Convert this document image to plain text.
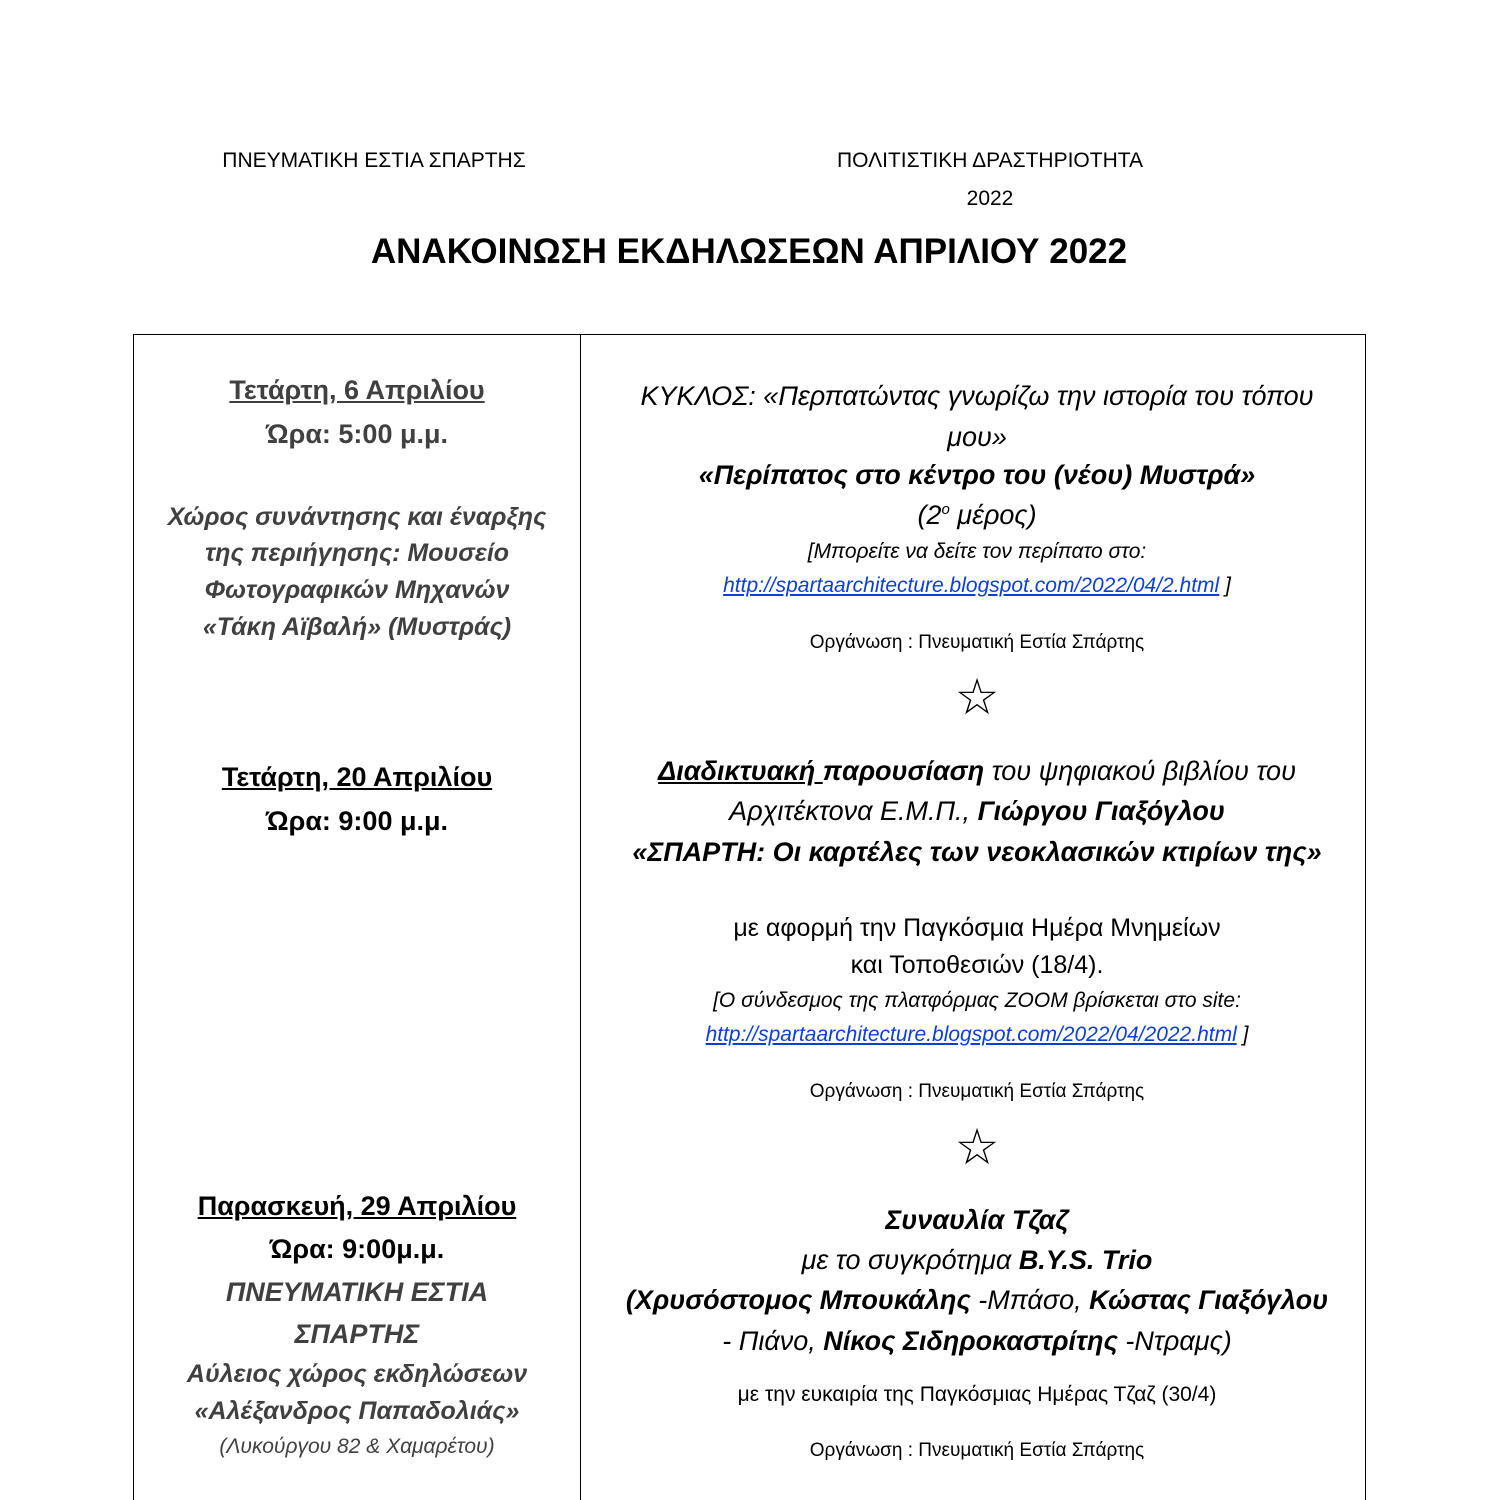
ΠΝΕΥΜΑΤΙΚΗ ΕΣΤΙΑ ΣΠΑΡΤΗΣ	ΠΟΛΙΤΙΣΤΙΚΗ ΔΡΑΣΤΗΡΙΟΤΗΤΑ
2022
ΑΝΑΚΟΙΝΩΣΗ ΕΚΔΗΛΩΣΕΩΝ ΑΠΡΙΛΙΟΥ 2022
Τετάρτη, 6 Απριλίου
Ώρα: 5:00 μ.μ.
Χώρος συνάντησης και έναρξης
της περιήγησης: Μουσείο
Φωτογραφικών Μηχανών
«Τάκη Αϊβαλή» (Μυστράς)
ΚΥΚΛΟΣ: «Περπατώντας γνωρίζω την ιστορία του τόπου
μου»
«Περίπατος στο κέντρο του (νέου) Μυστρά»
($2^o$ μέρος)
[Μπορείτε να δείτε τον περίπατο στο:
http://spartaarchitecture.blogspot.com/2022/04/2.html ]
Οργάνωση : Πνευματική Εστία Σπάρτης
☆
Τετάρτη, 20 Απριλίου
Ώρα: 9:00 μ.μ.
Διαδικτυακή παρουσίαση του ψηφιακού βιβλίου του
Αρχιτέκτονα Ε.Μ.Π., Γιώργου Γιαξόγλου
«ΣΠΑΡΤΗ: Οι καρτέλες των νεοκλασικών κτιρίων της»
με αφορμή την Παγκόσμια Ημέρα Μνημείων
και Τοποθεσιών (18/4).
[Ο σύνδεσμος της πλατφόρμας ZOOM βρίσκεται στο site:
http://spartaarchitecture.blogspot.com/2022/04/2022.html ]
Οργάνωση : Πνευματική Εστία Σπάρτης
☆
Παρασκευή, 29 Απριλίου
Ώρα: 9:00μ.μ.
ΠΝΕΥΜΑΤΙΚΗ ΕΣΤΙΑ
ΣΠΑΡΤΗΣ
Αύλειος χώρος εκδηλώσεων
«Αλέξανδρος Παπαδολιάς»
(Λυκούργου 82 & Χαμαρέτου)
Συναυλία Τζαζ
με το συγκρότημα B.Y.S. Trio
(Χρυσόστομος Μπουκάλης -Μπάσο, Κώστας Γιαξόγλου
- Πιάνο, Νίκος Σιδηροκαστρίτης -Ντραμς)
με την ευκαιρία της Παγκόσμιας Ημέρας Τζαζ (30/4)
Οργάνωση : Πνευματική Εστία Σπάρτης
